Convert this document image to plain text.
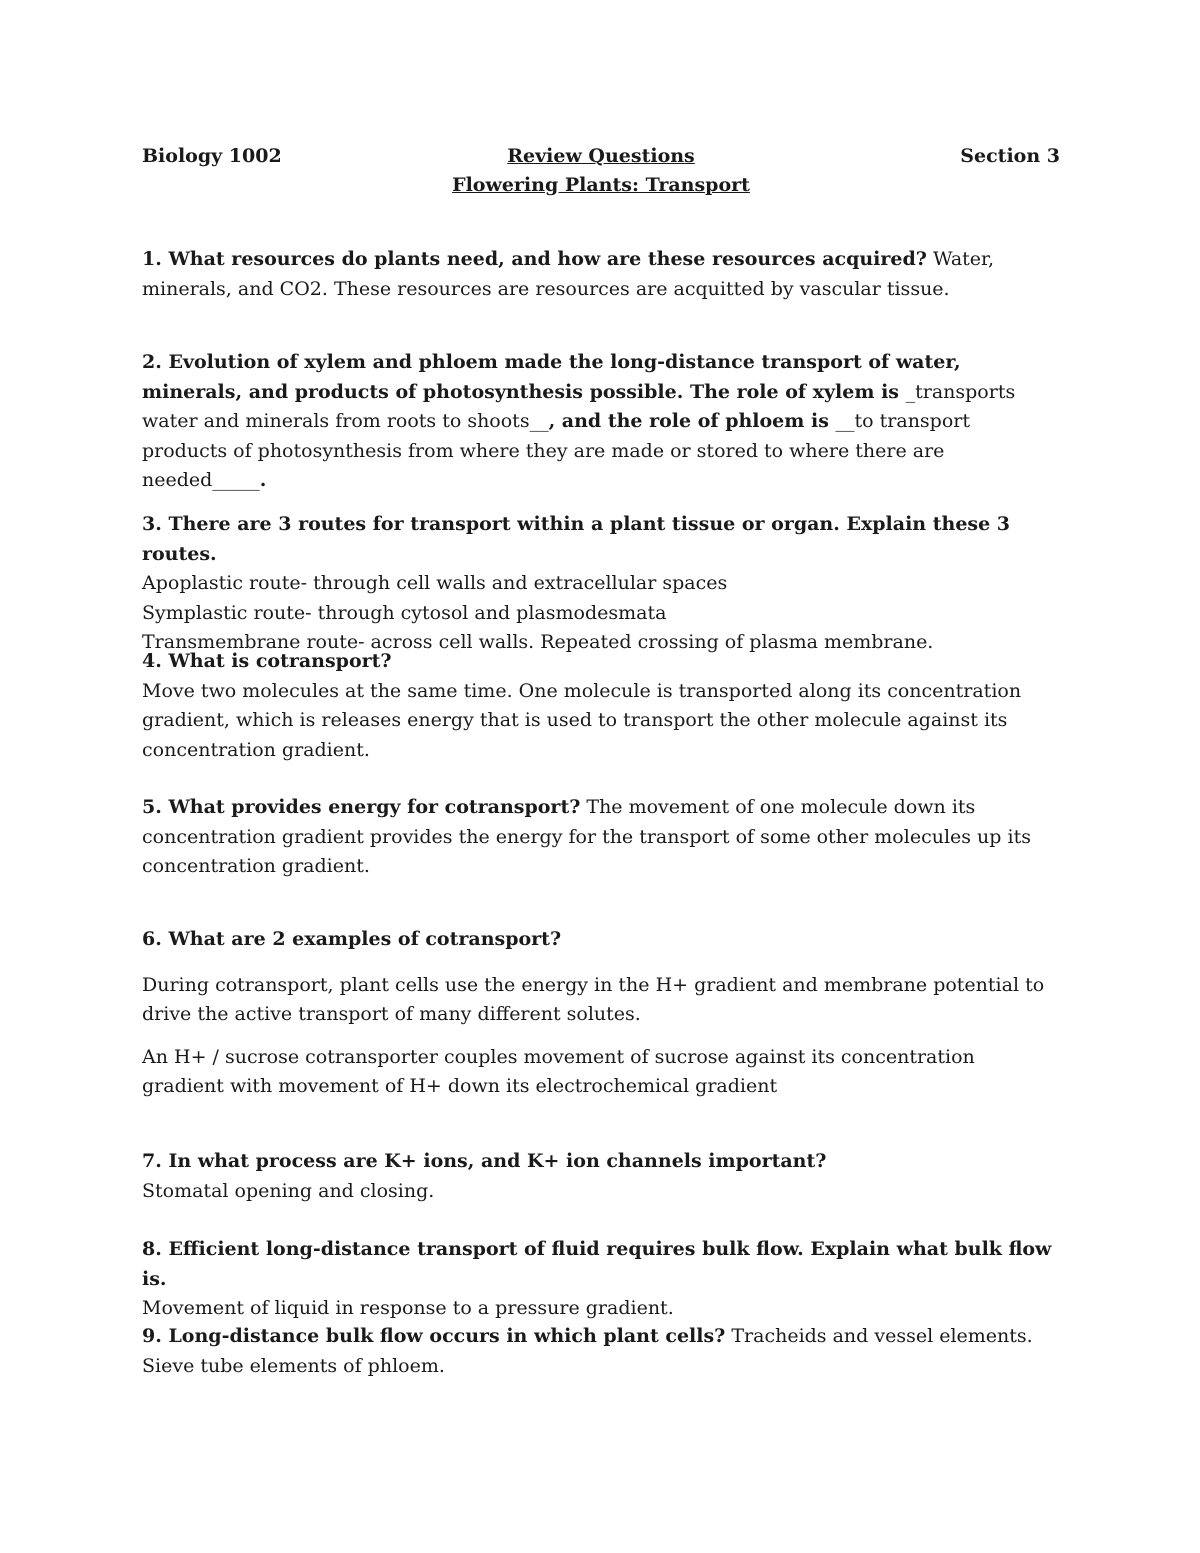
Biology 1002	Review Questions	Section 3
Flowering Plants: Transport

1. What resources do plants need, and how are these resources acquired? Water, minerals, and CO2. These resources are resources are acquitted by vascular tissue.

2. Evolution of xylem and phloem made the long-distance transport of water, minerals, and products of photosynthesis possible. The role of xylem is _transports water and minerals from roots to shoots__, and the role of phloem is __to transport products of photosynthesis from where they are made or stored to where there are needed_____.

3. There are 3 routes for transport within a plant tissue or organ. Explain these 3 routes.

Apoplastic route- through cell walls and extracellular spaces

Symplastic route- through cytosol and plasmodesmata

Transmembrane route- across cell walls. Repeated crossing of plasma membrane.

4. What is cotransport?

Move two molecules at the same time. One molecule is transported along its concentration gradient, which is releases energy that is used to transport the other molecule against its concentration gradient.

5. What provides energy for cotransport? The movement of one molecule down its concentration gradient provides the energy for the transport of some other molecules up its concentration gradient.

6. What are 2 examples of cotransport?

During cotransport, plant cells use the energy in the H+ gradient and membrane potential to drive the active transport of many different solutes.

An H+ / sucrose cotransporter couples movement of sucrose against its concentration gradient with movement of H+ down its electrochemical gradient

7. In what process are K+ ions, and K+ ion channels important?

Stomatal opening and closing.

8. Efficient long-distance transport of fluid requires bulk flow. Explain what bulk flow is.

Movement of liquid in response to a pressure gradient.

9. Long-distance bulk flow occurs in which plant cells? Tracheids and vessel elements. Sieve tube elements of phloem.
